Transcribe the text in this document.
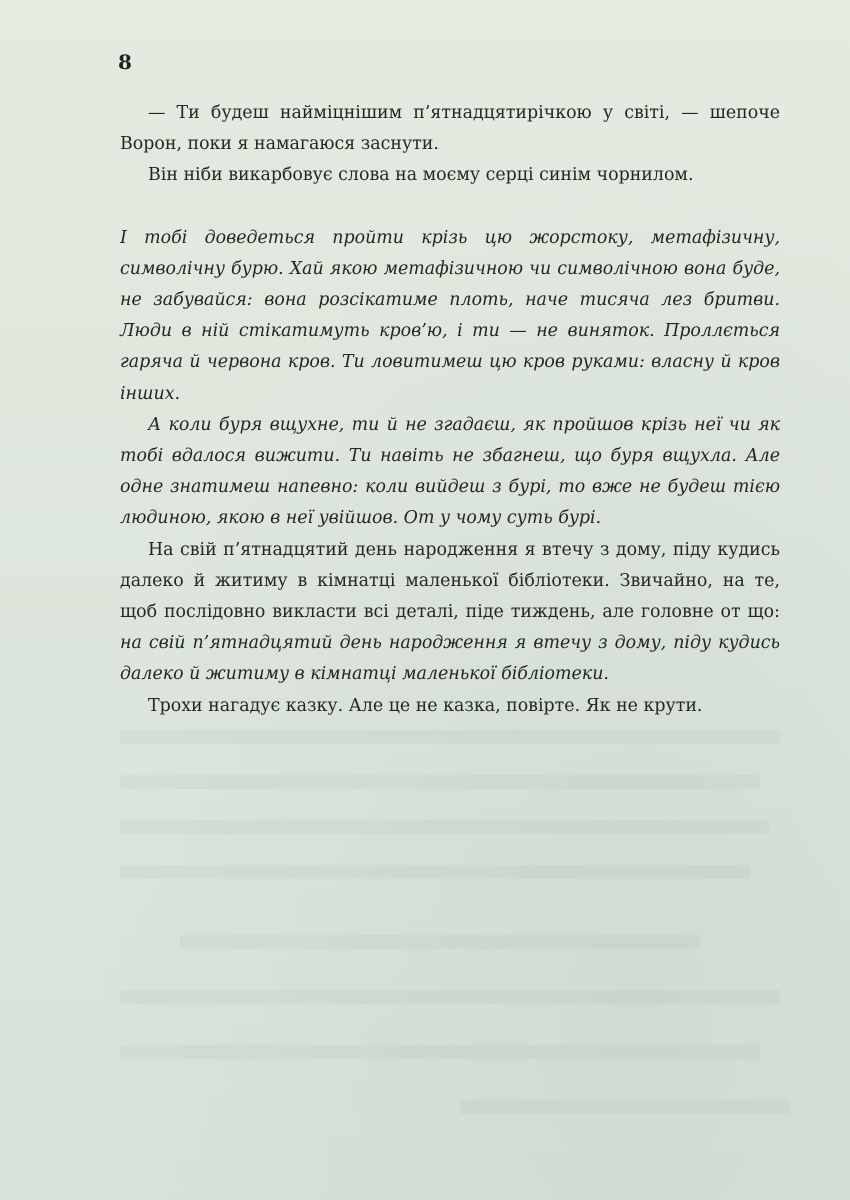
8

— Ти будеш наймiцнiшим п’ятнадцятирiчкою у свiтi, — шепоче Ворон, поки я намагаюся заснути.

Вiн нiби викарбовує слова на моєму серцi синiм чорнилом.

I тобi доведеться пройти крiзь цю жорстоку, метафiзичну, символiчну бурю. Хай якою метафiзичною чи символiчною вона буде, не забувайся: вона розсiкатиме плоть, наче тисяча лез бритви. Люди в нiй стiкатимуть кров’ю, i ти — не виняток. Проллється гаряча й червона кров. Ти ловитимеш цю кров руками: власну й кров iнших.

А коли буря вщухне, ти й не згадаєш, як пройшов крiзь неї чи як тобi вдалося вижити. Ти навiть не збагнеш, що буря вщухла. Але одне знатимеш напевно: коли вийдеш з бурi, то вже не будеш тiєю людиною, якою в неї увiйшов. От у чому суть бурi.

На свiй п’ятнадцятий день народження я втечу з дому, пiду кудись далеко й житиму в кiмнатцi маленької бiблiотеки. Звичайно, на те, щоб послiдовно викласти всi деталi, пiде тиждень, але головне от що: на свiй п’ятнадцятий день народження я втечу з дому, пiду кудись далеко й житиму в кiмнатцi маленької бiблiотеки.

Трохи нагадує казку. Але це не казка, повiрте. Як не крути.
